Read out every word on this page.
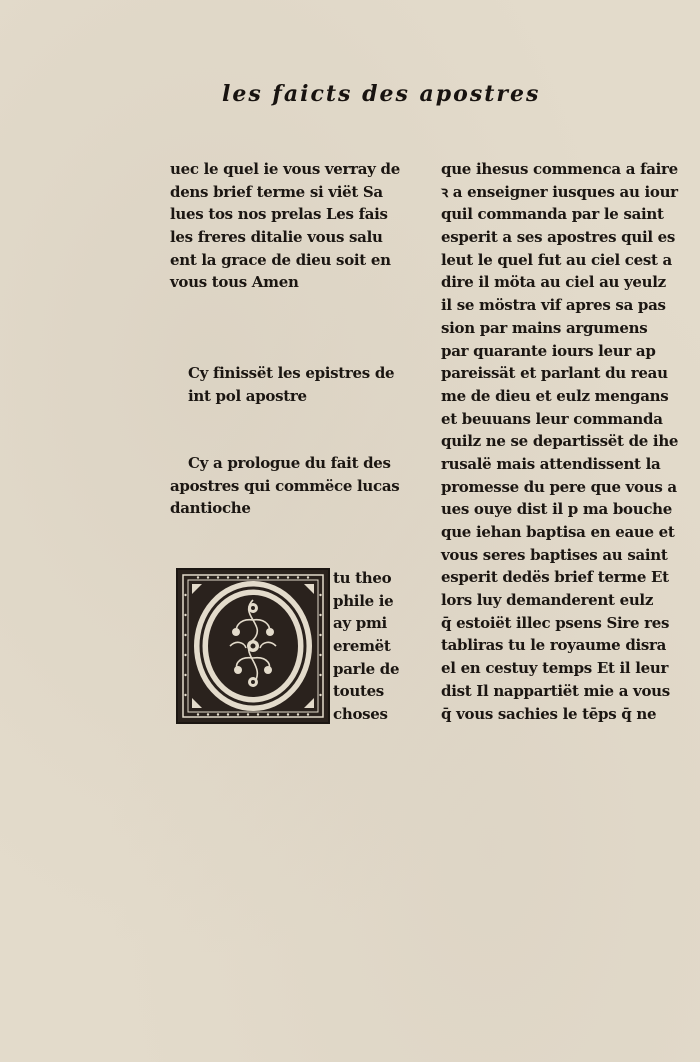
les faicts des apostres
uec le quel ie vous verray de
dens brief terme si viët Sa
lues tos nos prelas Les fais
les freres ditalie vous salu
ent la grace de dieu soit en
vous tous Amen
Cy finissët les epistres de
int pol apostre
Cy a prologue du fait des
apostres qui commëce lucas
dantioche
tu theo
phile ie
ay pmi
eremët
parle de
toutes
choses
que ihesus commenca a faire
ꝛ a enseigner iusques au iour
quil commanda par le saint
esperit a ses apostres quil es
leut le quel fut au ciel cest a
dire il möta au ciel au yeulz
il se möstra vif apres sa pas
sion par mains argumens
par quarante iours leur ap
pareissät et parlant du reau
me de dieu et eulz mengans
et beuuans leur commanda
quilz ne se departissët de ihe
rusalë mais attendissent la
promesse du pere que vous a
ues ouye dist il p ma bouche
que iehan baptisa en eaue et
vous seres baptises au saint
esperit dedës brief terme Et
lors luy demanderent eulz
q̄ estoiët illec psens Sire res
tabliras tu le royaume disra
el en cestuy temps Et il leur
dist Il nappartiët mie a vous
q̄ vous sachies le tēps q̄ ne
